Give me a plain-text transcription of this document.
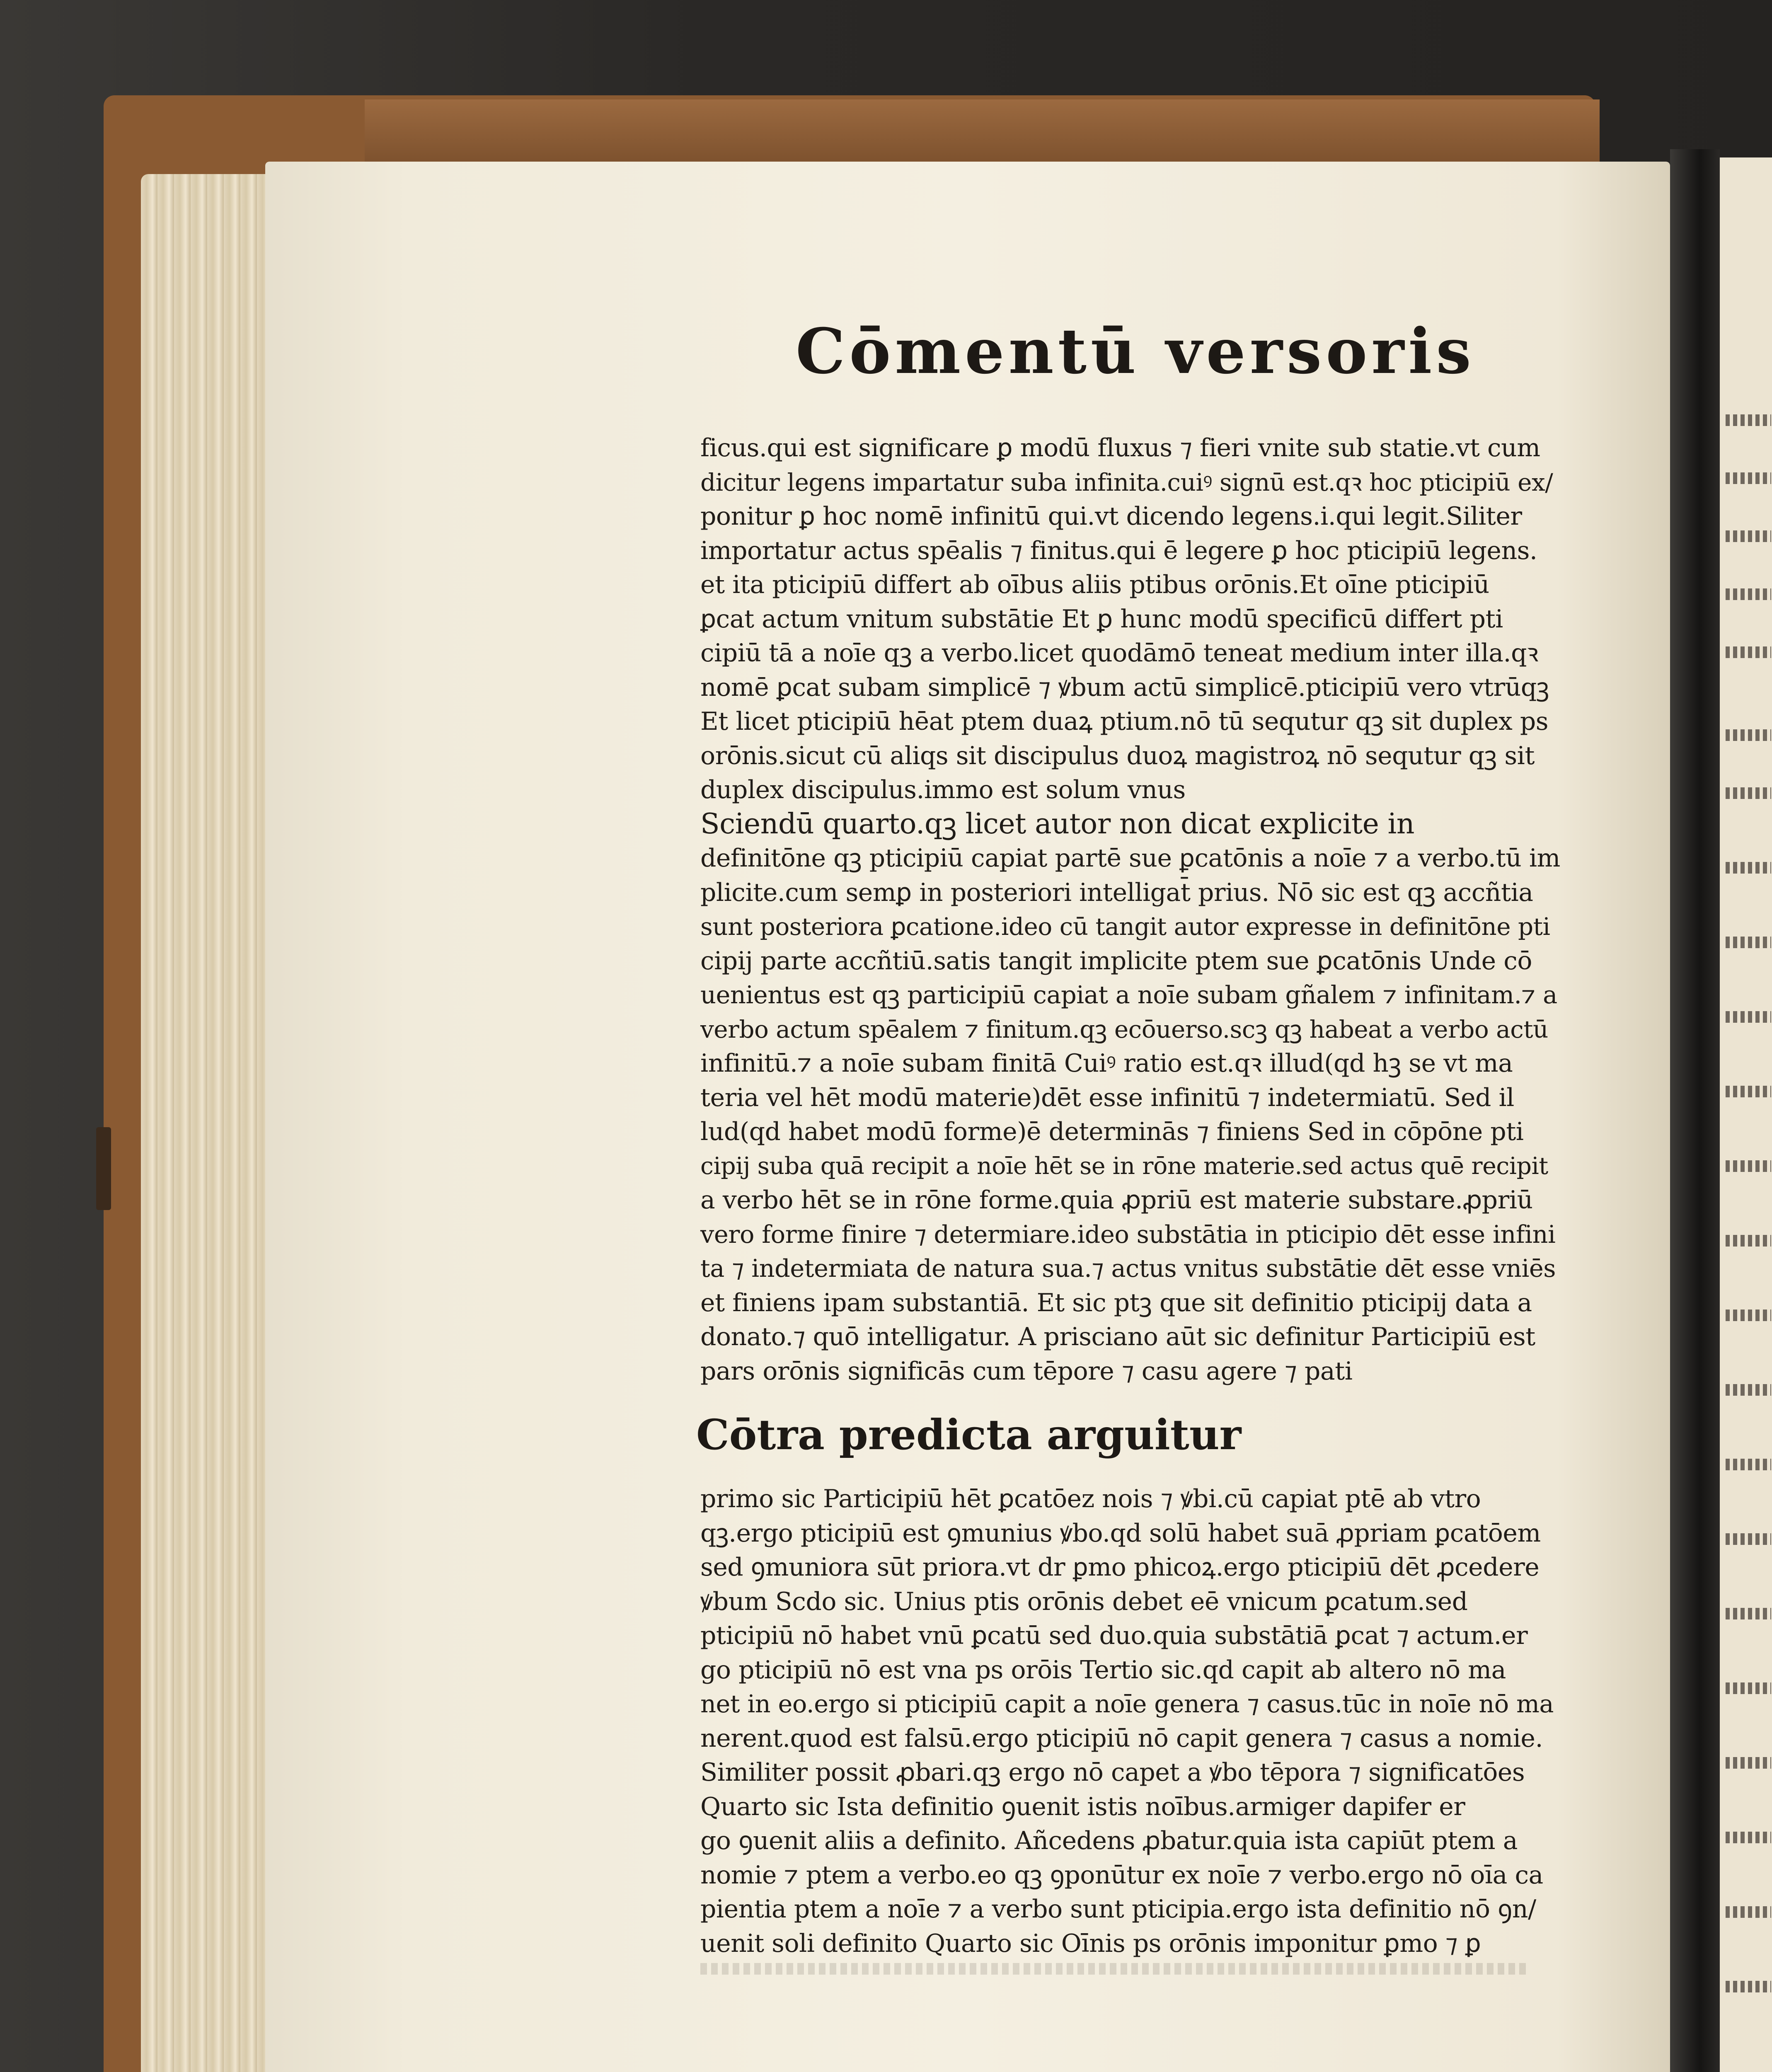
Cōmentū versoris
ficus.qui est significare ꝑ modū fluxus ⁊ fieri vnite sub statie.vt cum
dicitur legens impartatur suba infinita.cuiꝰ signū est.qꝛ hoc pticipiū ex/
ponitur ꝑ hoc nomē infinitū qui.vt dicendo legens.i.qui legit.Siliter
importatur actus spēalis ⁊ finitus.qui ē legere ꝑ hoc pticipiū legens.
et ita pticipiū differt ab oībus aliis ptibus orōnis.Et oīne pticipiū
ꝑcat actum vnitum substātie Et ꝑ hunc modū specificū differt pti
cipiū tā a noīe qꝫ a verbo.licet quodāmō teneat medium inter illa.qꝛ
nomē ꝑcat subam simplicē ⁊ ꝟbum actū simplicē.pticipiū vero vtrūqꝫ
Et licet pticipiū hēat ptem duaꝝ ptium.nō tū sequtur qꝫ sit duplex ps
orōnis.sicut cū aliqs sit discipulus duoꝝ magistroꝝ nō sequtur qꝫ sit
duplex discipulus.immo est solum vnus
Sciendū quarto.qꝫ licet autor non dicat explicite in
definitōne qꝫ pticipiū capiat partē sue ꝑcatōnis a noīe ⁊ a verbo.tū im
plicite.cum semꝑ in posteriori intelligat̄ prius. Nō sic est qꝫ accñtia
sunt posteriora ꝑcatione.ideo cū tangit autor expresse in definitōne pti
cipij parte accñtiū.satis tangit implicite ptem sue ꝑcatōnis Unde cō
uenientus est qꝫ participiū capiat a noīe subam gñalem ⁊ infinitam.⁊ a
verbo actum spēalem ⁊ finitum.qꝫ ecōuerso.scꝫ qꝫ habeat a verbo actū
infinitū.⁊ a noīe subam finitā Cuiꝰ ratio est.qꝛ illud(qd hꝫ se vt ma
teria vel hēt modū materie)dēt esse infinitū ⁊ indetermiatū. Sed il
lud(qd habet modū forme)ē determinās ⁊ finiens Sed in cōpōne pti
cipij suba quā recipit a noīe hēt se in rōne materie.sed actus quē recipit
a verbo hēt se in rōne forme.quia ꝓpriū est materie substare.ꝓpriū
vero forme finire ⁊ determiare.ideo substātia in pticipio dēt esse infini
ta ⁊ indetermiata de natura sua.⁊ actus vnitus substātie dēt esse vniēs
et finiens ipam substantiā. Et sic ptꝫ que sit definitio pticipij data a
donato.⁊ quō intelligatur. A prisciano aūt sic definitur Participiū est
pars orōnis significās cum tēpore ⁊ casu agere ⁊ pati
Cōtra predicta arguitur
primo sic Participiū hēt ꝑcatōez nois ⁊ ꝟbi.cū capiat ptē ab vtro
qꝫ.ergo pticipiū est ꝯmunius ꝟbo.qd solū habet suā ꝓpriam ꝑcatōem
sed ꝯmuniora sūt priora.vt dr ꝑmo phicoꝝ.ergo pticipiū dēt ꝓcedere
ꝟbum Scdo sic. Unius ptis orōnis debet eē vnicum ꝑcatum.sed
pticipiū nō habet vnū ꝑcatū sed duo.quia substātiā ꝑcat ⁊ actum.er
go pticipiū nō est vna ps orōis Tertio sic.qd capit ab altero nō ma
net in eo.ergo si pticipiū capit a noīe genera ⁊ casus.tūc in noīe nō ma
nerent.quod est falsū.ergo pticipiū nō capit genera ⁊ casus a nomie.
Similiter possit ꝓbari.qꝫ ergo nō capet a ꝟbo tēpora ⁊ significatōes
Quarto sic Ista definitio ꝯuenit istis noībus.armiger dapifer er
go ꝯuenit aliis a definito. Añcedens ꝓbatur.quia ista capiūt ptem a
nomie ⁊ ptem a verbo.eo qꝫ ꝯponūtur ex noīe ⁊ verbo.ergo nō oīa ca
pientia ptem a noīe ⁊ a verbo sunt pticipia.ergo ista definitio nō ꝯn/
uenit soli definito Quarto sic Oīnis ps orōnis imponitur ꝑmo ⁊ ꝑ
